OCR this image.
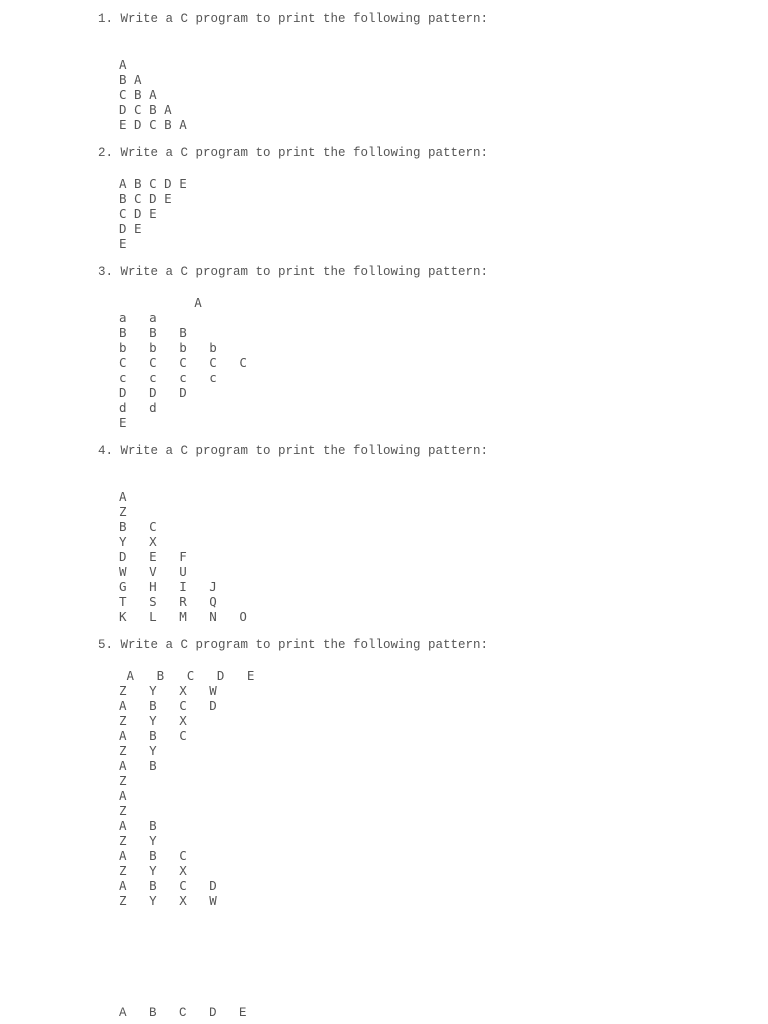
1. Write a C program to print the following pattern:
A
B A
C B A
D C B A
E D C B A
2. Write a C program to print the following pattern:
A B C D E
B C D E
C D E
D E
E
3. Write a C program to print the following pattern:
A
a   a
B   B   B
b   b   b   b
C   C   C   C   C
c   c   c   c
D   D   D
d   d
E
4. Write a C program to print the following pattern:
A
Z
B   C
Y   X
D   E   F
W   V   U
G   H   I   J
T   S   R   Q
K   L   M   N   O
5. Write a C program to print the following pattern:
A   B   C   D   E
Z   Y   X   W
A   B   C   D
Z   Y   X
A   B   C
Z   Y
A   B
Z
A
Z
A   B
Z   Y
A   B   C
Z   Y   X
A   B   C   D
Z   Y   X   W
A   B   C   D   E
